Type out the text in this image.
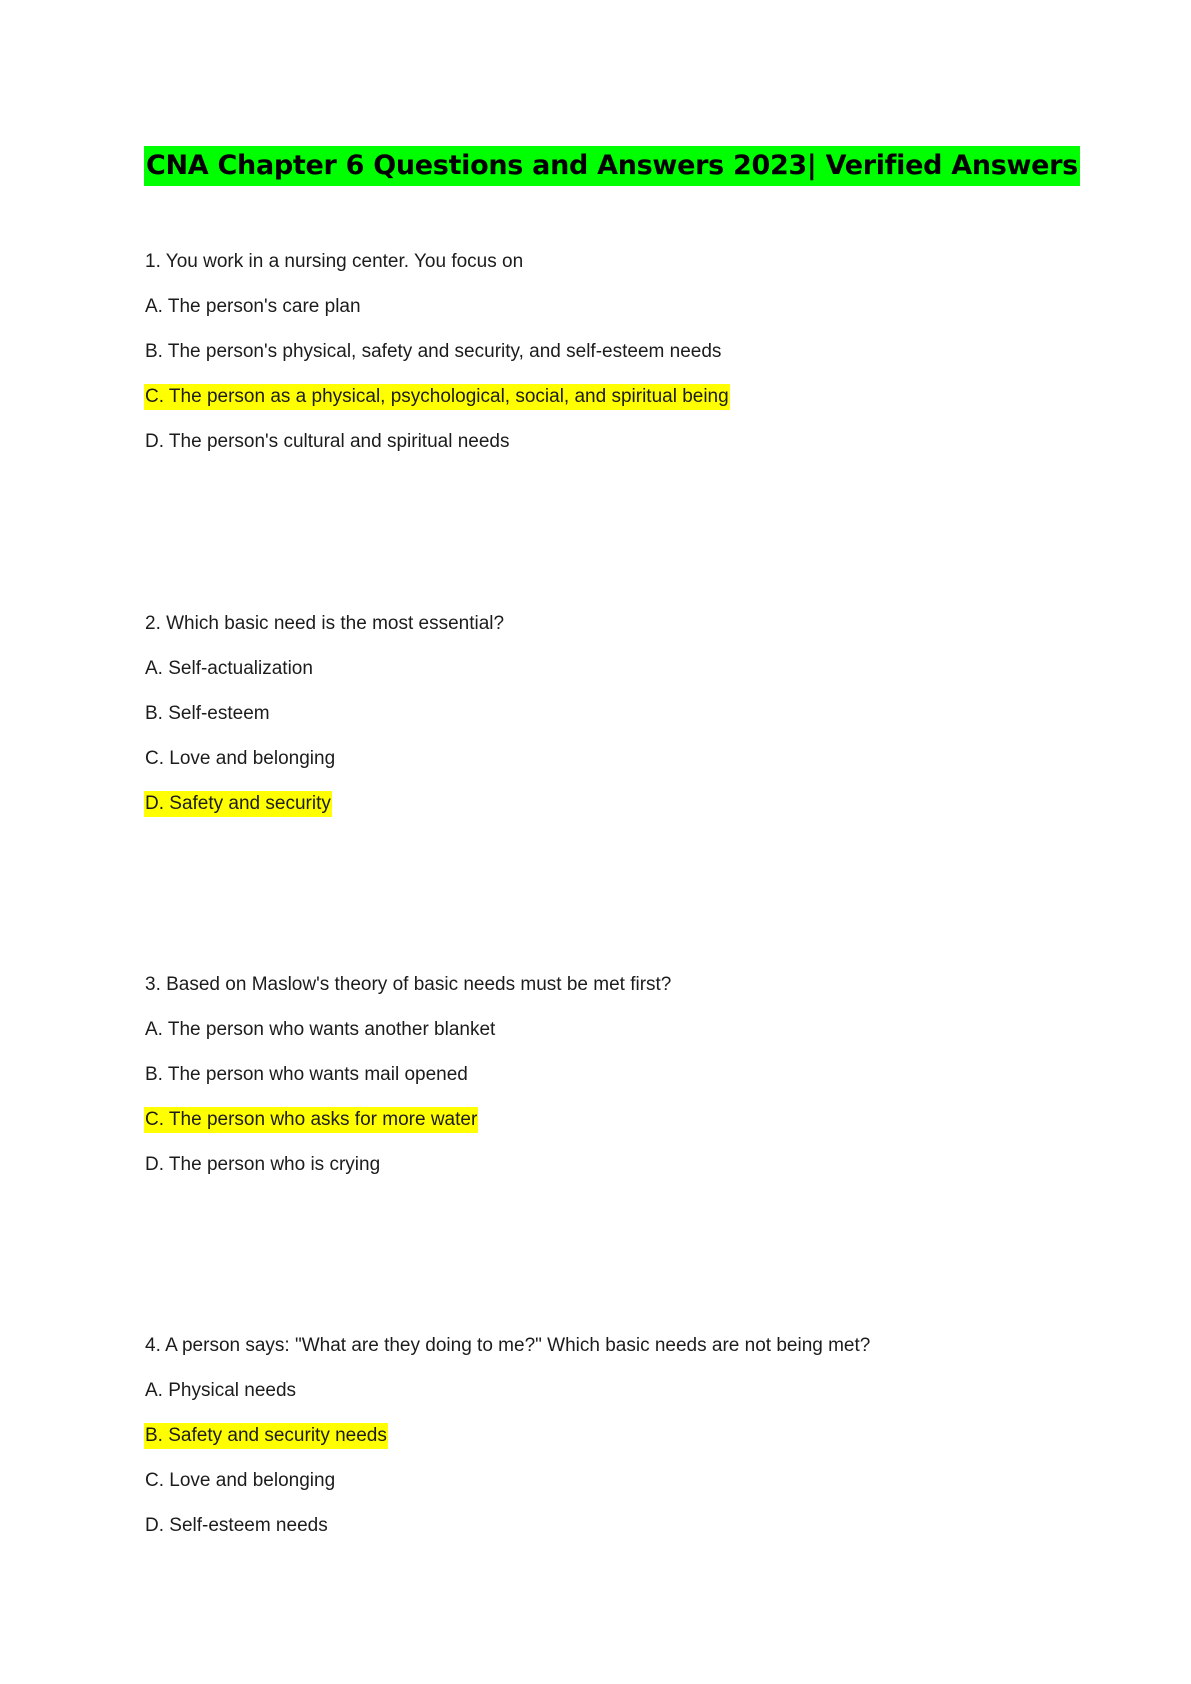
CNA Chapter 6 Questions and Answers 2023| Verified Answers
1. You work in a nursing center. You focus on
A. The person's care plan
B. The person's physical, safety and security, and self-esteem needs
C. The person as a physical, psychological, social, and spiritual being
D. The person's cultural and spiritual needs
2. Which basic need is the most essential?
A. Self-actualization
B. Self-esteem
C. Love and belonging
D. Safety and security
3. Based on Maslow's theory of basic needs must be met first?
A. The person who wants another blanket
B. The person who wants mail opened
C. The person who asks for more water
D. The person who is crying
4. A person says: "What are they doing to me?" Which basic needs are not being met?
A. Physical needs
B. Safety and security needs
C. Love and belonging
D. Self-esteem needs
